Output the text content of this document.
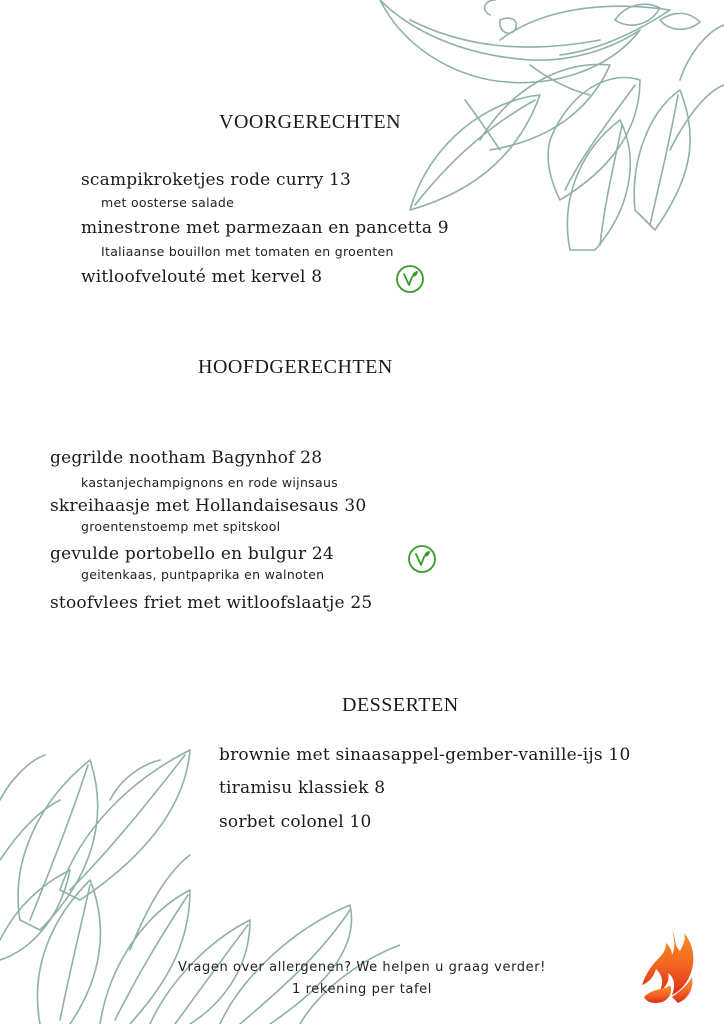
VOORGERECHTEN
scampikroketjes rode curry 13
met oosterse salade
minestrone met parmezaan en pancetta 9
Italiaanse bouillon met tomaten en groenten
witloofvelouté met kervel 8
HOOFDGERECHTEN
gegrilde nootham Bagynhof 28
kastanjechampignons en rode wijnsaus
skreihaasje met Hollandaisesaus 30
groentenstoemp met spitskool
gevulde portobello en bulgur 24
geitenkaas, puntpaprika en walnoten
stoofvlees friet met witloofslaatje 25
DESSERTEN
brownie met sinaasappel-gember-vanille-ijs 10
tiramisu klassiek 8
sorbet colonel 10
Vragen over allergenen? We helpen u graag verder!
1 rekening per tafel
